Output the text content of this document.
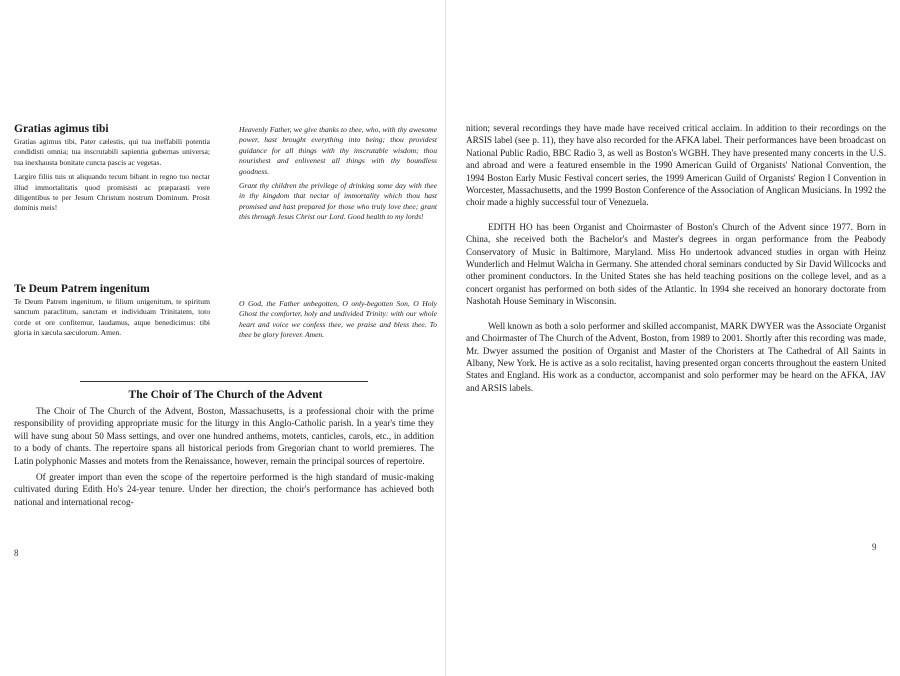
Gratias agimus tibi

Gratias agimus tibi, Pater cælestis, qui tua ineffabili potentia condidisti omnia; tua inscrutabili sapientia gubernas universa; tua inexhausta bonitate cuncta pascis ac vegetas.

Largire filiis tuis ut aliquando tecum bibant in regno tuo nectar illud immortalitatis quod promisisti ac præparasti vere diligentibus te per Jesum Christum nostrum Dominum. Prosit dominis meis!

Heavenly Father, we give thanks to thee, who, with thy awesome power, hast brought everything into being; thou providest guidance for all things with thy inscrutable wisdom; thou nourishest and enlivenest all things with thy boundless goodness.

Grant thy children the privilege of drinking some day with thee in thy kingdom that nectar of immortality which thou hast promised and hast prepared for those who truly love thee; grant this through Jesus Christ our Lord. Good health to my lords!

Te Deum Patrem ingenitum

Te Deum Patrem ingenitum, te filium unigenitum, te spiritum sanctum paraclitum, sanctam et individuam Trinitatem, toto corde et ore confitemur, laudamus, atque benedicimus: tibi gloria in sæcula sæculorum. Amen.

O God, the Father unbegotten, O only-begotten Son, O Holy Ghost the comforter, holy and undivided Trinity: with our whole heart and voice we confess thee, we praise and bless thee. To thee be glory forever. Amen.

The Choir of The Church of the Advent

The Choir of The Church of the Advent, Boston, Massachusetts, is a professional choir with the prime responsibility of providing appropriate music for the liturgy in this Anglo-Catholic parish. In a year's time they will have sung about 50 Mass settings, and over one hundred anthems, motets, canticles, carols, etc., in addition to a body of chants. The repertoire spans all historical periods from Gregorian chant to world premieres. The Latin polyphonic Masses and motets from the Renaissance, however, remain the principal sources of repertoire.

Of greater import than even the scope of the repertoire performed is the high standard of music-making cultivated during Edith Ho's 24-year tenure. Under her direction, the choir's performance has achieved both national and international recog-

8

nition; several recordings they have made have received critical acclaim. In addition to their recordings on the ARSIS label (see p. 11), they have also recorded for the AFKA label. Their performances have been broadcast on National Public Radio, BBC Radio 3, as well as Boston's WGBH. They have presented many concerts in the U.S. and abroad and were a featured ensemble in the 1990 American Guild of Organists' National Convention, the 1994 Boston Early Music Festival concert series, the 1999 American Guild of Organists' Region I Convention in Worcester, Massachusetts, and the 1999 Boston Conference of the Association of Anglican Musicians. In 1992 the choir made a highly successful tour of Venezuela.

EDITH HO has been Organist and Choirmaster of Boston's Church of the Advent since 1977. Born in China, she received both the Bachelor's and Master's degrees in organ performance from the Peabody Conservatory of Music in Baltimore, Maryland. Miss Ho undertook advanced studies in organ with Heinz Wunderlich and Helmut Walcha in Germany. She attended choral seminars conducted by Sir David Willcocks and other prominent conductors. In the United States she has held teaching positions on the college level, and as a concert organist has performed on both sides of the Atlantic. In 1994 she received an honorary doctorate from Nashotah House Seminary in Wisconsin.

Well known as both a solo performer and skilled accompanist, MARK DWYER was the Associate Organist and Choirmaster of The Church of the Advent, Boston, from 1989 to 2001. Shortly after this recording was made, Mr. Dwyer assumed the position of Organist and Master of the Choristers at The Cathedral of All Saints in Albany, New York. He is active as a solo recitalist, having presented organ concerts throughout the eastern United States and England. His work as a conductor, accompanist and solo performer may be heard on the AFKA, JAV and ARSIS labels.

9
